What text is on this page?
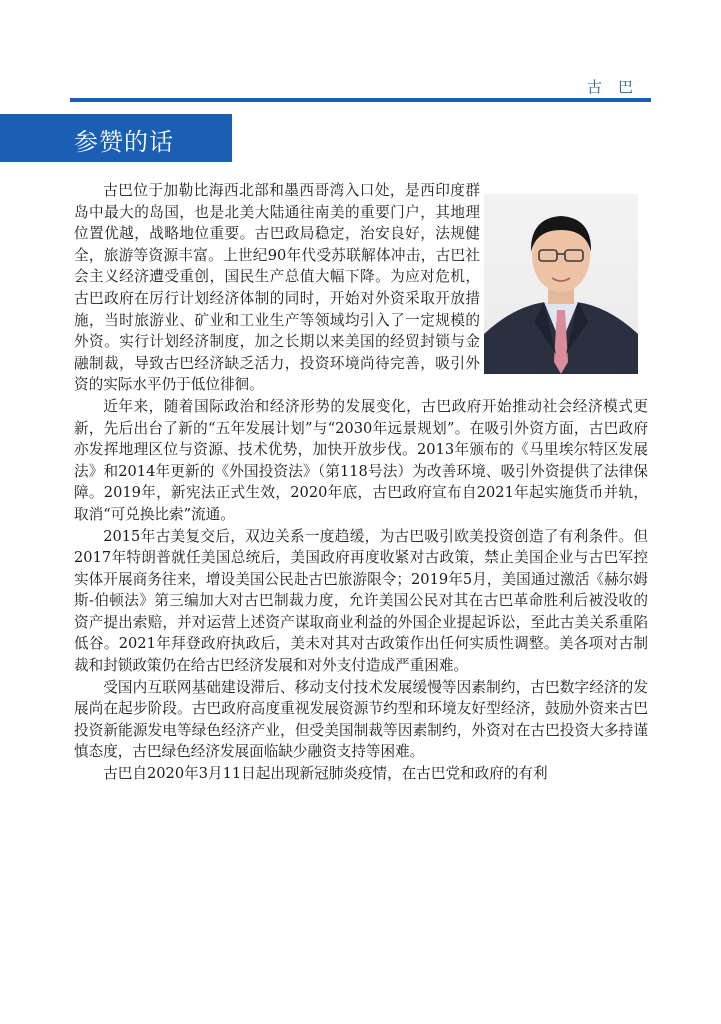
古巴
参赞的话

古巴位于加勒比海西北部和墨西哥湾入口处，是西印度群岛中最大的岛国，也是北美大陆通往南美的重要门户，其地理位置优越，战略地位重要。古巴政局稳定，治安良好，法规健全，旅游等资源丰富。上世纪90年代受苏联解体冲击，古巴社会主义经济遭受重创，国民生产总值大幅下降。为应对危机，古巴政府在厉行计划经济体制的同时，开始对外资采取开放措施，当时旅游业、矿业和工业生产等领域均引入了一定规模的外资。实行计划经济制度，加之长期以来美国的经贸封锁与金融制裁，导致古巴经济缺乏活力，投资环境尚待完善，吸引外资的实际水平仍于低位徘徊。

近年来，随着国际政治和经济形势的发展变化，古巴政府开始推动社会经济模式更新，先后出台了新的“五年发展计划”与“2030年远景规划”。在吸引外资方面，古巴政府亦发挥地理区位与资源、技术优势，加快开放步伐。2013年颁布的《马里埃尔特区发展法》和2014年更新的《外国投资法》（第118号法）为改善环境、吸引外资提供了法律保障。2019年，新宪法正式生效，2020年底，古巴政府宣布自2021年起实施货币并轨，取消“可兑换比索”流通。

2015年古美复交后，双边关系一度趋缓，为古巴吸引欧美投资创造了有利条件。但2017年特朗普就任美国总统后，美国政府再度收紧对古政策，禁止美国企业与古巴军控实体开展商务往来，增设美国公民赴古巴旅游限令；2019年5月，美国通过激活《赫尔姆斯-伯顿法》第三编加大对古巴制裁力度，允许美国公民对其在古巴革命胜利后被没收的资产提出索赔，并对运营上述资产谋取商业利益的外国企业提起诉讼，至此古美关系重陷低谷。2021年拜登政府执政后，美未对其对古政策作出任何实质性调整。美各项对古制裁和封锁政策仍在给古巴经济发展和对外支付造成严重困难。

受国内互联网基础建设滞后、移动支付技术发展缓慢等因素制约，古巴数字经济的发展尚在起步阶段。古巴政府高度重视发展资源节约型和环境友好型经济，鼓励外资来古巴投资新能源发电等绿色经济产业，但受美国制裁等因素制约，外资对在古巴投资大多持谨慎态度，古巴绿色经济发展面临缺少融资支持等困难。

古巴自2020年3月11日起出现新冠肺炎疫情，在古巴党和政府的有利
